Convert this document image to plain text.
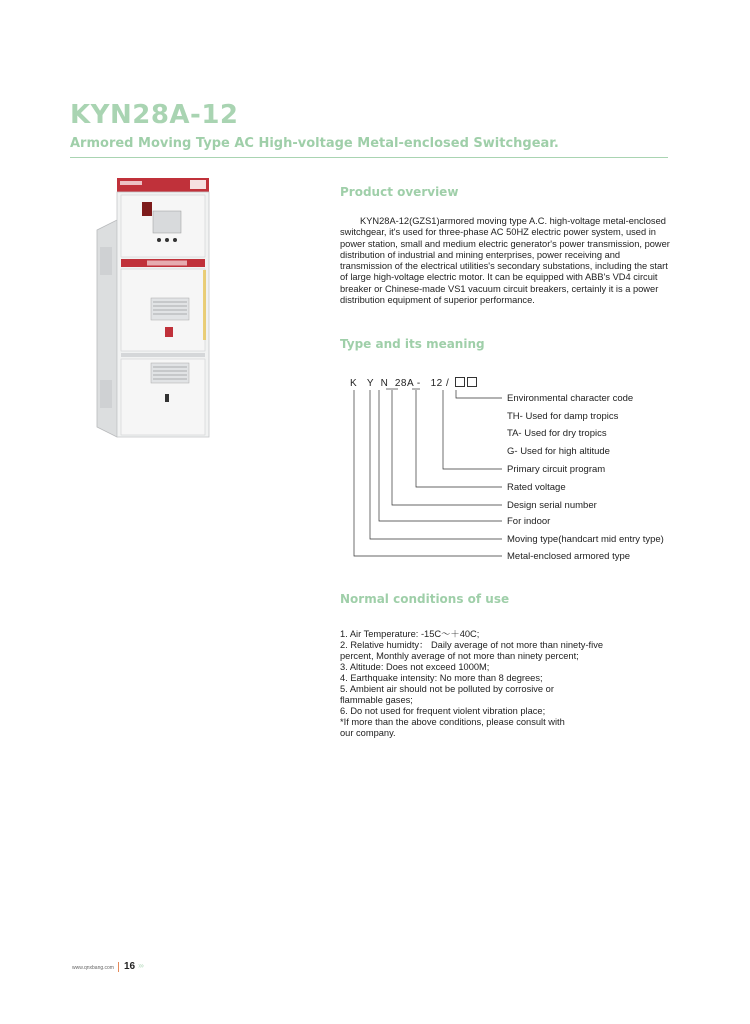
KYN28A-12
Armored Moving Type AC High-voltage Metal-enclosed Switchgear.
Product overview

KYN28A-12(GZS1)armored moving type A.C. high-voltage metal-enclosed switchgear, it's used for three-phase AC 50HZ electric power system, used in power station, small and medium electric generator's power transmission, power distribution of industrial and mining enterprises, power receiving and transmission of the electrical utilities's secondary substations, including the start of large high-voltage electric motor. It can be equipped with ABB's VD4 circuit breaker or Chinese-made VS1 vacuum circuit breakers, certainly it is a power distribution equipment of superior performance.

Type and its meaning
K Y N 28A - 12 /
Environmental character code
TH- Used for damp tropics
TA- Used for dry tropics
G- Used for high altitude
Primary circuit program
Rated voltage
Design serial number
For indoor
Moving type(handcart mid entry type)
Metal-enclosed armored type
Normal conditions of use
1. Air Temperature: -15C～＋40C;
2. Relative humidty： Daily average of not more than ninety-five
percent, Monthly average of not more than ninety percent;
3. Altitude: Does not exceed 1000M;
4. Earthquake intensity: No more than 8 degrees;
5. Ambient air should not be polluted by corrosive or
flammable gases;
6. Do not used for frequent violent vibration place;
*If more than the above conditions, please consult with
our company.
www.qnxbang.com 16 ›››
